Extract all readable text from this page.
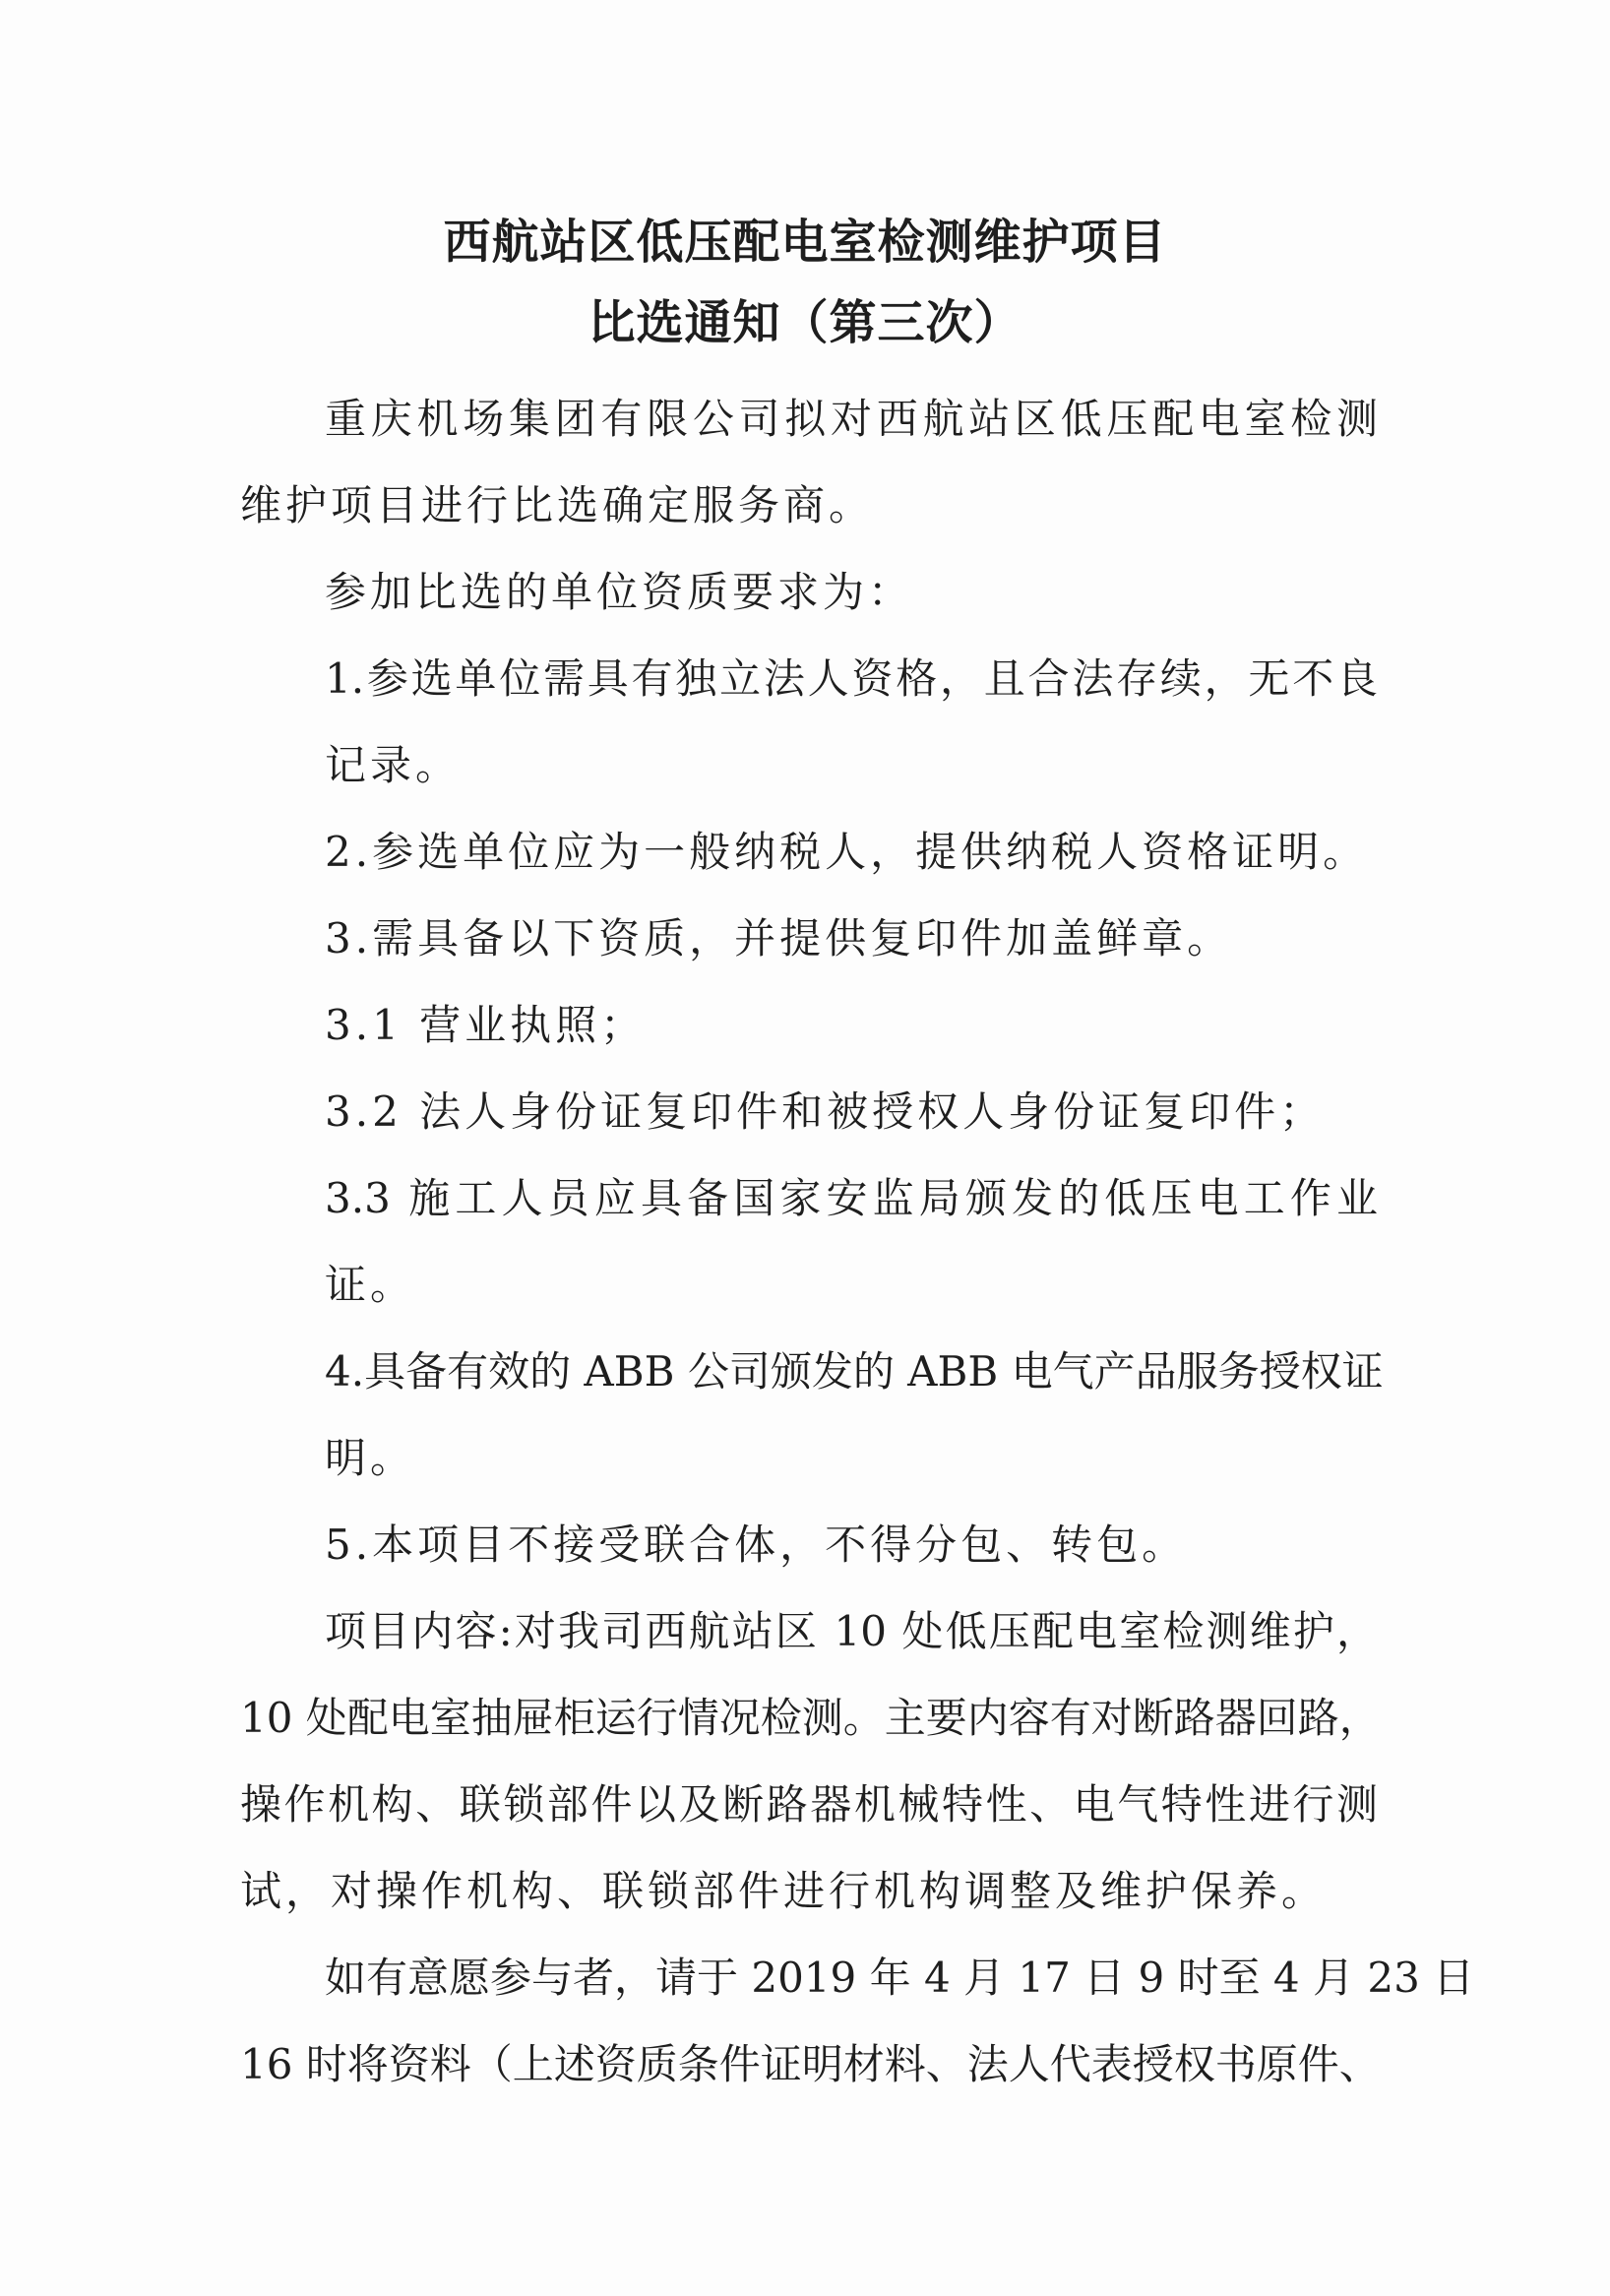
西航站区低压配电室检测维护项目
比选通知（第三次）
重庆机场集团有限公司拟对西航站区低压配电室检测
维护项目进行比选确定服务商。
参加比选的单位资质要求为：
1.参选单位需具有独立法人资格，且合法存续，无不良
记录。
2.参选单位应为一般纳税人，提供纳税人资格证明。
3.需具备以下资质，并提供复印件加盖鲜章。
3.1 营业执照；
3.2 法人身份证复印件和被授权人身份证复印件；
3.3 施工人员应具备国家安监局颁发的低压电工作业
证。
4.具备有效的 ABB 公司颁发的 ABB 电气产品服务授权证
明。
5.本项目不接受联合体，不得分包、转包。
项目内容:对我司西航站区 10 处低压配电室检测维护，
10 处配电室抽屉柜运行情况检测。主要内容有对断路器回路，
操作机构、联锁部件以及断路器机械特性、电气特性进行测
试，对操作机构、联锁部件进行机构调整及维护保养。
如有意愿参与者，请于 2019 年 4 月 17 日 9 时至 4 月 23 日
16 时将资料（上述资质条件证明材料、法人代表授权书原件、
